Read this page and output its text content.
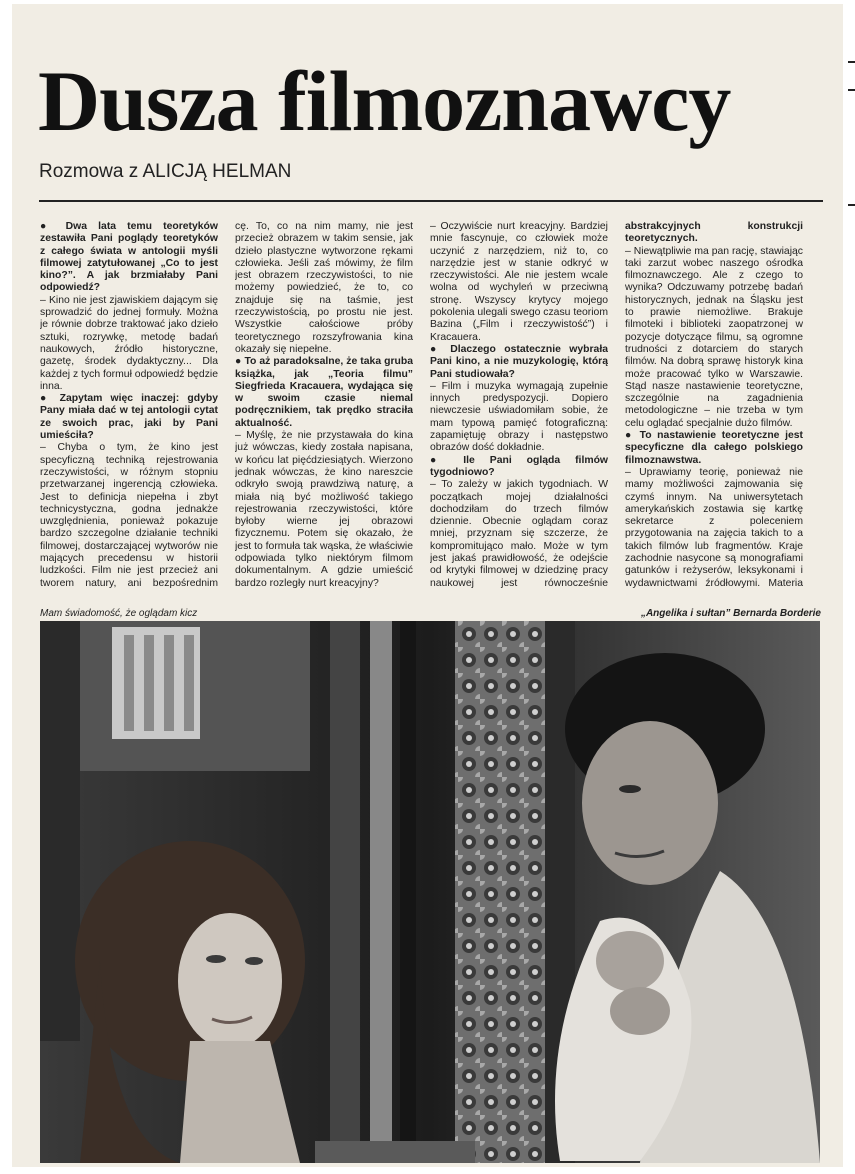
Dusza filmoznawcy

Rozmowa z ALICJĄ HELMAN

● Dwa lata temu teoretyków zestawiła Pani poglądy teoretyków z całego świata w antologii myśli filmowej zatytułowanej „Co to jest kino?”. A jak brzmiałaby Pani odpowiedź?

– Kino nie jest zjawiskiem dającym się sprowadzić do jednej formuły. Można je równie dobrze traktować jako dzieło sztuki, rozrywkę, metodę badań naukowych, źródło historyczne, gazetę, środek dydaktyczny... Dla każdej z tych formuł odpowiedź będzie inna.

● Zapytam więc inaczej: gdyby Pany miała dać w tej antologii cytat ze swoich prac, jaki by Pani umieściła?

– Chyba o tym, że kino jest specyficzną techniką rejestrowania rzeczywistości, w różnym stopniu przetwarzanej ingerencją człowieka. Jest to definicja niepełna i zbyt technicystyczna, godna jednakże uwzględnienia, ponieważ pokazuje bardzo szczegolne działanie techniki filmowej, dostarczającej wytworów nie mających precedensu w historii ludzkości. Film nie jest przecież ani tworem natury, ani bezpośrednim

cę. To, co na nim mamy, nie jest przecież obrazem w takim sensie, jak dzieło plastyczne wytworzone rękami człowieka. Jeśli zaś mówimy, że film jest obrazem rzeczywistości, to nie możemy powiedzieć, że to, co znajduje się na taśmie, jest rzeczywistością, po prostu nie jest. Wszystkie całościowe próby teoretycznego rozszyfrowania kina okazały się niepełne.

● To aż paradoksalne, że taka gruba książka, jak „Teoria filmu” Siegfrieda Kracauera, wydająca się w swoim czasie niemal podręcznikiem, tak prędko straciła aktualność.

– Myślę, że nie przystawała do kina już wówczas, kiedy została napisana, w końcu lat pięćdziesiątych. Wierzono jednak wówczas, że kino nareszcie odkryło swoją prawdziwą naturę, a miała nią być możliwość takiego rejestrowania rzeczywistości, które byłoby wierne jej obrazowi fizycznemu. Potem się okazało, że jest to formuła tak wąska, że właściwie odpowiada tylko niektórym filmom dokumentalnym. A gdzie umieścić bardzo rozległy nurt kreacyjny?

– Oczywiście nurt kreacyjny. Bardziej mnie fascynuje, co człowiek może uczynić z narzędziem, niż to, co narzędzie jest w stanie odkryć w rzeczywistości. Ale nie jestem wcale wolna od wychyleń w przeciwną stronę. Wszyscy krytycy mojego pokolenia ulegali swego czasu teoriom Bazina („Film i rzeczywistość”) i Kracauera.

● Dlaczego ostatecznie wybrała Pani kino, a nie muzykologię, którą Pani studiowała?

– Film i muzyka wymagają zupełnie innych predyspozycji. Dopiero niewczesie uświadomiłam sobie, że mam typową pamięć fotograficzną: zapamiętuję obrazy i następstwo obrazów dość dokładnie.

● Ile Pani ogląda filmów tygodniowo?

– To zależy w jakich tygodniach. W początkach mojej działalności dochodziłam do trzech filmów dziennie. Obecnie oglądam coraz mniej, przyznam się szczerze, że kompromitująco mało. Może w tym jest jakaś prawidłowość, że odejście od krytyki filmowej w dziedzinę pracy naukowej jest równocześnie

abstrakcyjnych konstrukcji teoretycznych.

– Niewątpliwie ma pan rację, stawiając taki zarzut wobec naszego ośrodka filmoznawczego. Ale z czego to wynika? Odczuwamy potrzebę badań historycznych, jednak na Śląsku jest to prawie niemożliwe. Brakuje filmoteki i biblioteki zaopatrzonej w pozycje dotyczące filmu, są ogromne trudności z dotarciem do starych filmów. Na dobrą sprawę historyk kina może pracować tylko w Warszawie. Stąd nasze nastawienie teoretyczne, szczególnie na zagadnienia metodologiczne – nie trzeba w tym celu oglądać specjalnie dużo filmów.

● To nastawienie teoretyczne jest specyficzne dla całego polskiego filmoznawstwa.

– Uprawiamy teorię, ponieważ nie mamy możliwości zajmowania się czymś innym. Na uniwersytetach amerykańskich zostawia się kartkę sekretarce z poleceniem przygotowania na zajęcia takich to a takich filmów lub fragmentów. Kraje zachodnie nasycone są monografiami gatunków i reżyserów, leksykonami i wydawnictwami źródłowymi. Materia

Mam świadomość, że oglądam kicz	„Angelika i sułtan” Bernarda Borderie
